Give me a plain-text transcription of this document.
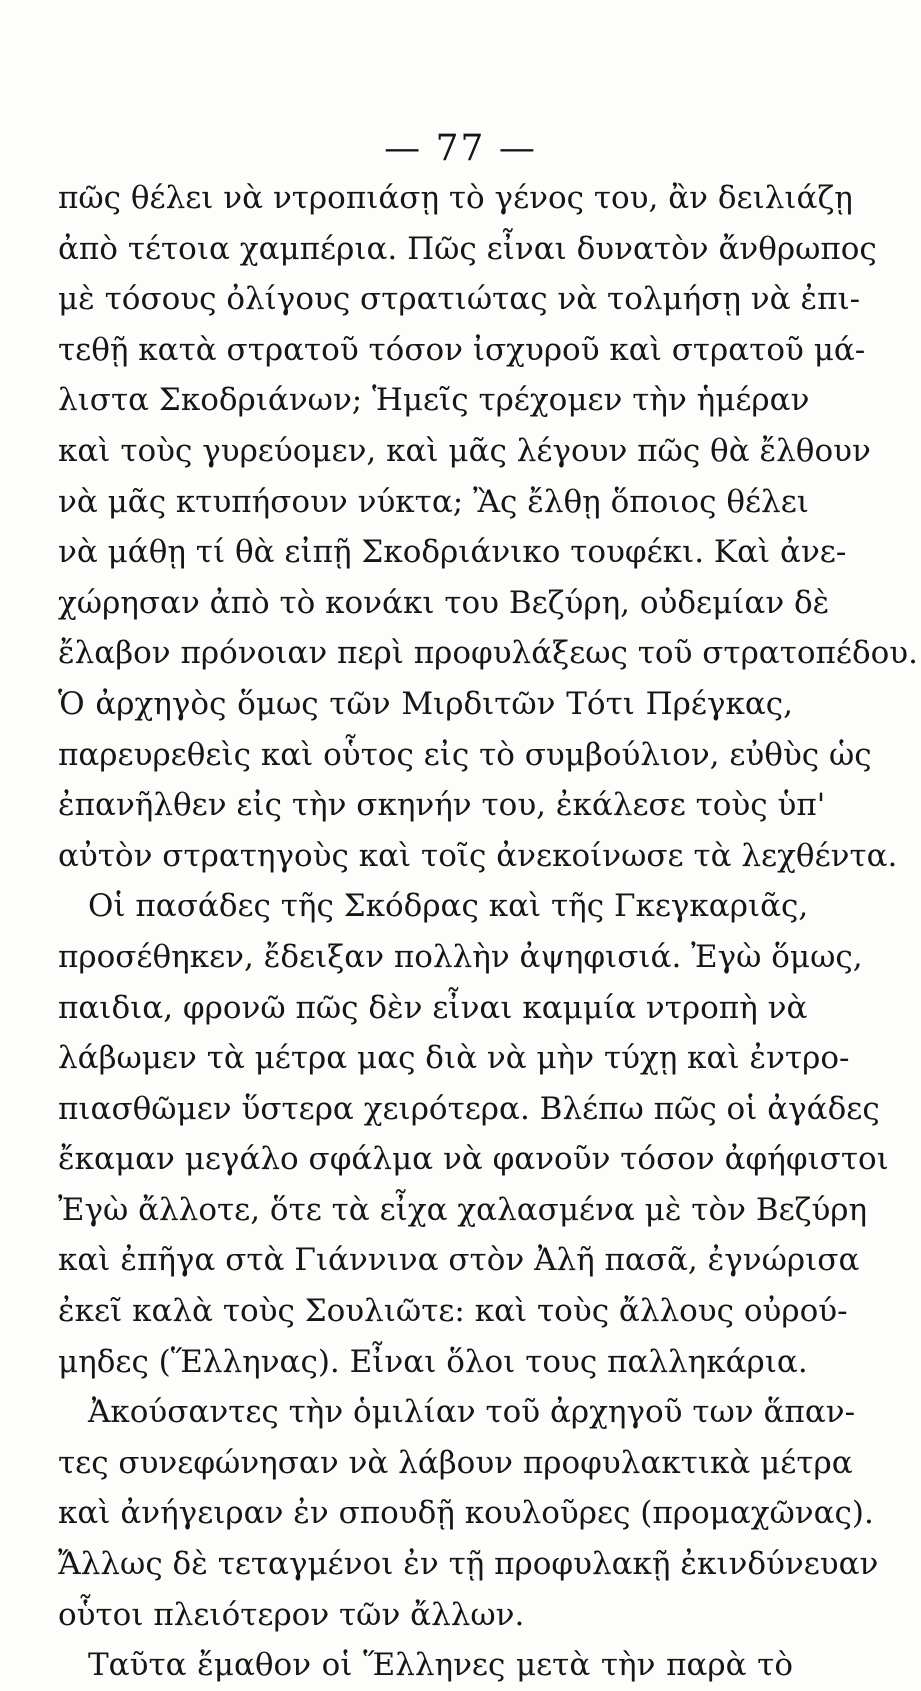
— 77 —
πῶς θέλει νὰ ντροπιάσῃ τὸ γένος του, ἂν δειλιάζῃ
ἀπὸ τέτοια χαμπέρια. Πῶς εἶναι δυνατὸν ἄνθρωπος
μὲ τόσους ὀλίγους στρατιώτας νὰ τολμήσῃ νὰ ἐπι-
τεθῇ κατὰ στρατοῦ τόσον ἰσχυροῦ καὶ στρατοῦ μά-
λιστα Σκοδριάνων; Ἡμεῖς τρέχομεν τὴν ἡμέραν
καὶ τοὺς γυρεύομεν, καὶ μᾶς λέγουν πῶς θὰ ἔλθουν
νὰ μᾶς κτυπήσουν νύκτα; Ἂς ἔλθῃ ὅποιος θέλει
νὰ μάθῃ τί θὰ εἰπῇ Σκοδριάνικο τουφέκι. Καὶ ἀνε-
χώρησαν ἀπὸ τὸ κονάκι του Βεζύρη, οὐδεμίαν δὲ
ἔλαβον πρόνοιαν περὶ προφυλάξεως τοῦ στρατοπέδου.
Ὁ ἀρχηγὸς ὅμως τῶν Μιρδιτῶν Τότι Πρέγκας,
παρευρεθεὶς καὶ οὗτος εἰς τὸ συμβούλιον, εὐθὺς ὡς
ἐπανῆλθεν εἰς τὴν σκηνήν του, ἐκάλεσε τοὺς ὑπ'
αὐτὸν στρατηγοὺς καὶ τοῖς ἀνεκοίνωσε τὰ λεχθέντα.
Οἱ πασάδες τῆς Σκόδρας καὶ τῆς Γκεγκαριᾶς,
προσέθηκεν, ἔδειξαν πολλὴν ἀψηφισιά. Ἐγὼ ὅμως,
παιδια, φρονῶ πῶς δὲν εἶναι καμμία ντροπὴ νὰ
λάβωμεν τὰ μέτρα μας διὰ νὰ μὴν τύχῃ καὶ ἐντρο-
πιασθῶμεν ὕστερα χειρότερα. Βλέπω πῶς οἱ ἀγάδες
ἔκαμαν μεγάλο σφάλμα νὰ φανοῦν τόσον ἀφήφιστοι
Ἐγὼ ἄλλοτε, ὅτε τὰ εἶχα χαλασμένα μὲ τὸν Βεζύρη
καὶ ἐπῆγα στὰ Γιάννινα στὸν Ἀλῆ πασᾶ, ἐγνώρισα
ἐκεῖ καλὰ τοὺς Σουλιῶτε: καὶ τοὺς ἄλλους οὐρού-
μηδες (Ἕλληνας). Εἶναι ὅλοι τους παλληκάρια.
Ἀκούσαντες τὴν ὁμιλίαν τοῦ ἀρχηγοῦ των ἅπαν-
τες συνεφώνησαν νὰ λάβουν προφυλακτικὰ μέτρα
καὶ ἀνήγειραν ἐν σπουδῇ κουλοῦρες (προμαχῶνας).
Ἄλλως δὲ τεταγμένοι ἐν τῇ προφυλακῇ ἐκινδύνευαν
οὗτοι πλειότερον τῶν ἄλλων.
Ταῦτα ἔμαθον οἱ Ἕλληνες μετὰ τὴν παρὰ τὸ
